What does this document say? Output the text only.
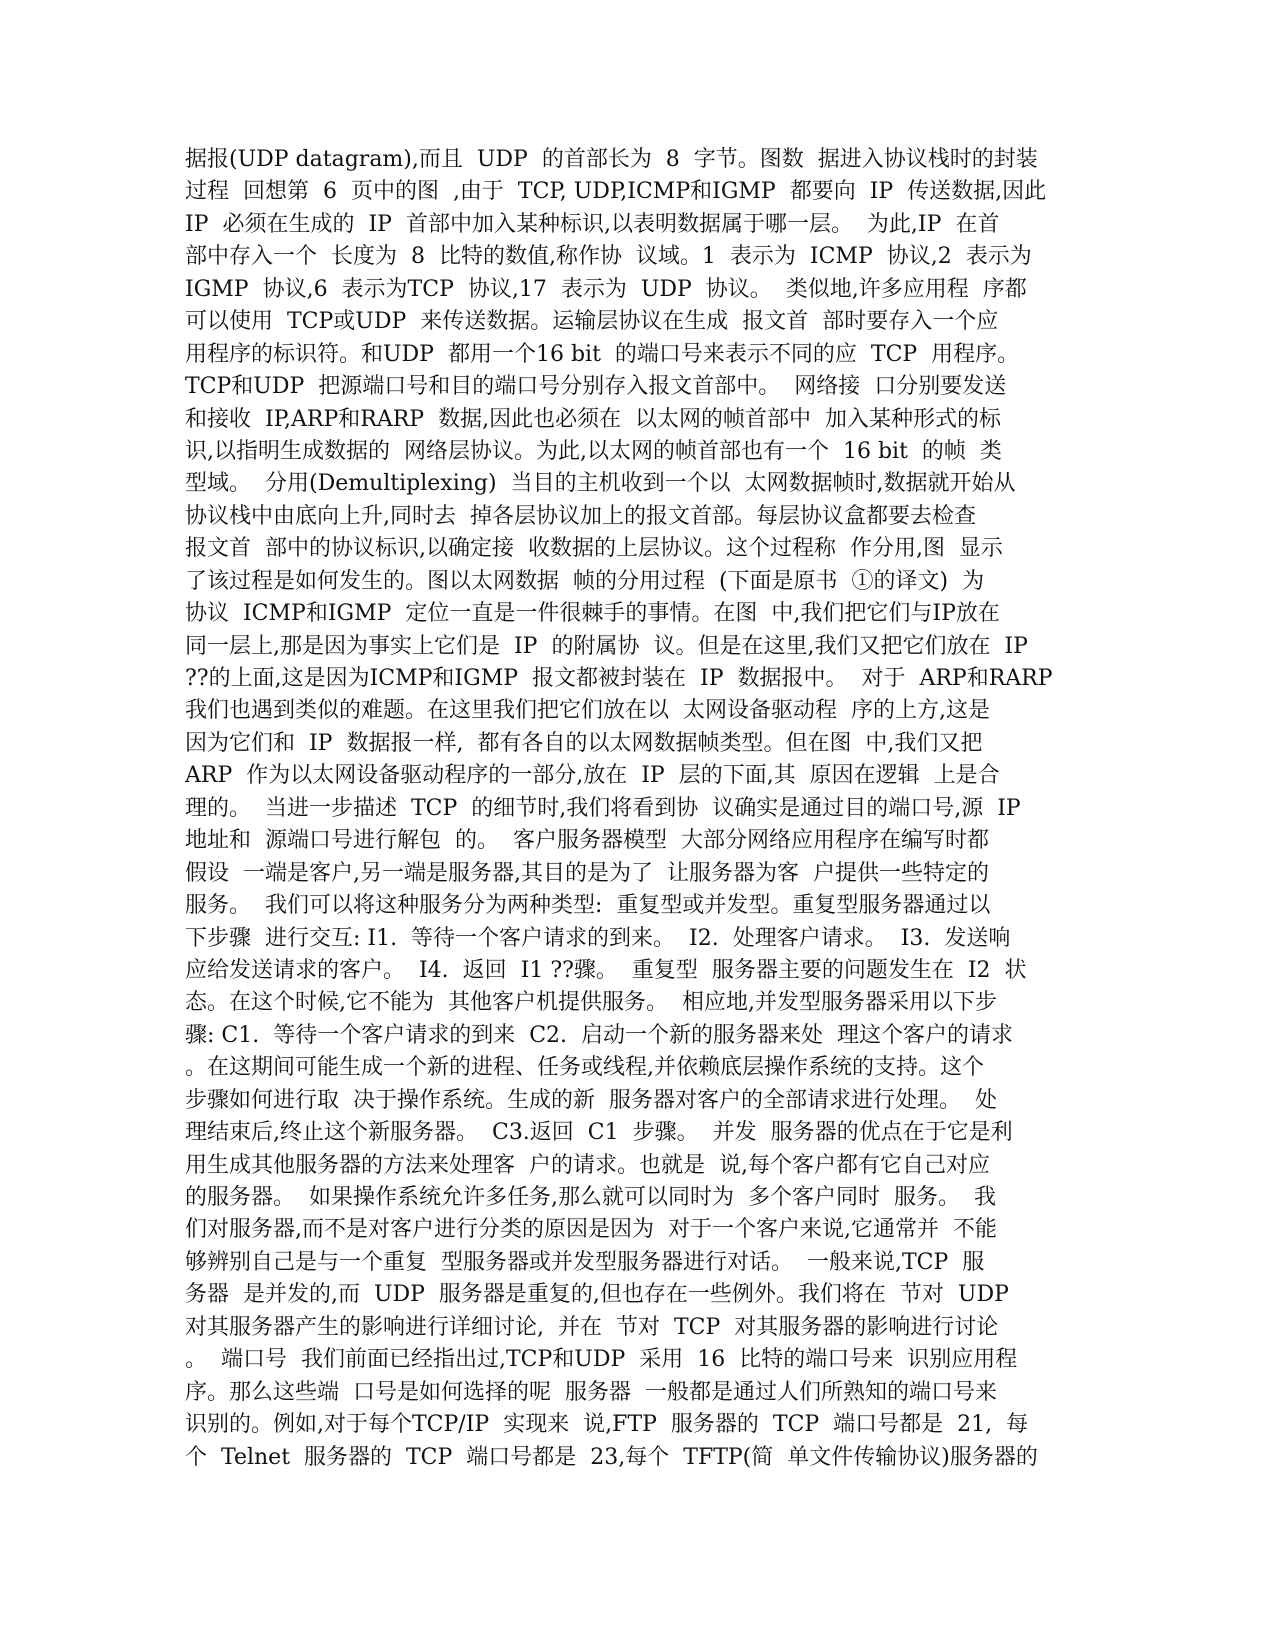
据报(UDP datagram),而且  UDP  的首部长为  8  字节。图数  据进入协议栈时的封装
过程  回想第  6  页中的图  ,由于  TCP, UDP,ICMP和IGMP  都要向  IP  传送数据,因此
IP  必须在生成的  IP  首部中加入某种标识,以表明数据属于哪一层。  为此,IP  在首
部中存入一个  长度为  8  比特的数值,称作协  议域。1  表示为  ICMP  协议,2  表示为
IGMP  协议,6  表示为TCP  协议,17  表示为  UDP  协议。  类似地,许多应用程  序都
可以使用  TCP或UDP  来传送数据。运输层协议在生成  报文首  部时要存入一个应
用程序的标识符。和UDP  都用一个16 bit  的端口号来表示不同的应  TCP  用程序。
TCP和UDP  把源端口号和目的端口号分别存入报文首部中。  网络接  口分别要发送
和接收  IP,ARP和RARP  数据,因此也必须在  以太网的帧首部中  加入某种形式的标
识,以指明生成数据的  网络层协议。为此,以太网的帧首部也有一个  16 bit  的帧  类
型域。  分用(Demultiplexing)  当目的主机收到一个以  太网数据帧时,数据就开始从
协议栈中由底向上升,同时去  掉各层协议加上的报文首部。每层协议盒都要去检查
报文首  部中的协议标识,以确定接  收数据的上层协议。这个过程称  作分用,图  显示
了该过程是如何发生的。图以太网数据  帧的分用过程  (下面是原书  ①的译文)  为
协议  ICMP和IGMP  定位一直是一件很棘手的事情。在图  中,我们把它们与IP放在
同一层上,那是因为事实上它们是  IP  的附属协  议。但是在这里,我们又把它们放在  IP
??的上面,这是因为ICMP和IGMP  报文都被封装在  IP  数据报中。  对于  ARP和RARP
我们也遇到类似的难题。在这里我们把它们放在以  太网设备驱动程  序的上方,这是
因为它们和  IP  数据报一样,  都有各自的以太网数据帧类型。但在图  中,我们又把
ARP  作为以太网设备驱动程序的一部分,放在  IP  层的下面,其  原因在逻辑  上是合
理的。  当进一步描述  TCP  的细节时,我们将看到协  议确实是通过目的端口号,源  IP
地址和  源端口号进行解包  的。  客户服务器模型  大部分网络应用程序在编写时都
假设  一端是客户,另一端是服务器,其目的是为了  让服务器为客  户提供一些特定的
服务。  我们可以将这种服务分为两种类型:  重复型或并发型。重复型服务器通过以
下步骤  进行交互: I1.  等待一个客户请求的到来。  I2.  处理客户请求。  I3.  发送响
应给发送请求的客户。  I4.  返回  I1 ??骤。  重复型  服务器主要的问题发生在  I2  状
态。在这个时候,它不能为  其他客户机提供服务。  相应地,并发型服务器采用以下步
骤: C1.  等待一个客户请求的到来  C2.  启动一个新的服务器来处  理这个客户的请求
。在这期间可能生成一个新的进程、任务或线程,并依赖底层操作系统的支持。这个
步骤如何进行取  决于操作系统。生成的新  服务器对客户的全部请求进行处理。  处
理结束后,终止这个新服务器。  C3.返回  C1  步骤。  并发  服务器的优点在于它是利
用生成其他服务器的方法来处理客  户的请求。也就是  说,每个客户都有它自己对应
的服务器。  如果操作系统允许多任务,那么就可以同时为  多个客户同时  服务。  我
们对服务器,而不是对客户进行分类的原因是因为  对于一个客户来说,它通常并  不能
够辨别自己是与一个重复  型服务器或并发型服务器进行对话。  一般来说,TCP  服
务器  是并发的,而  UDP  服务器是重复的,但也存在一些例外。我们将在  节对  UDP
对其服务器产生的影响进行详细讨论,  并在  节对  TCP  对其服务器的影响进行讨论
。  端口号  我们前面已经指出过,TCP和UDP  采用  16  比特的端口号来  识别应用程
序。那么这些端  口号是如何选择的呢  服务器  一般都是通过人们所熟知的端口号来
识别的。例如,对于每个TCP/IP  实现来  说,FTP  服务器的  TCP  端口号都是  21,  每
个  Telnet  服务器的  TCP  端口号都是  23,每个  TFTP(简  单文件传输协议)服务器的
